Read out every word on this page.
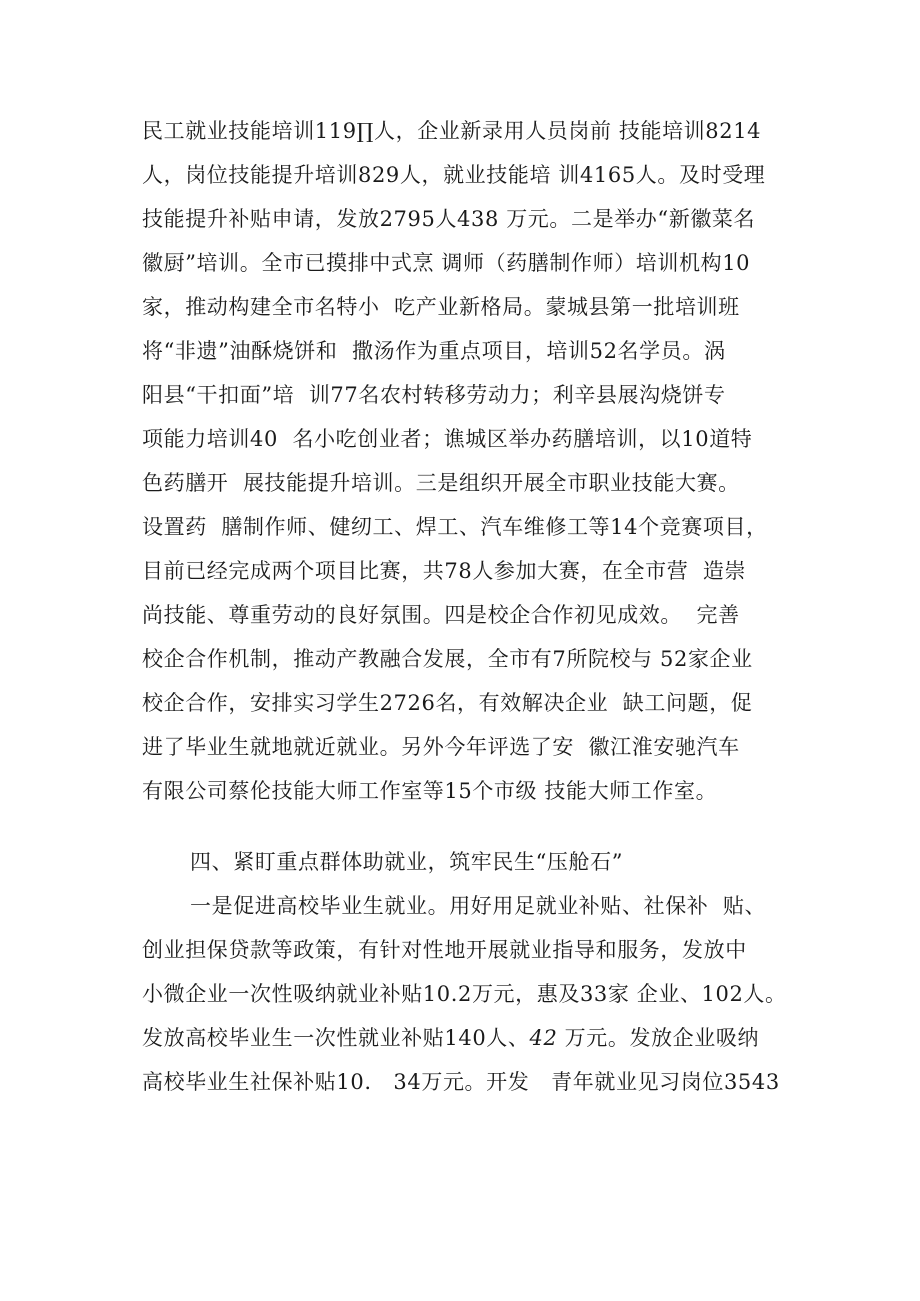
民工就业技能培训119∏人，企业新录用人员岗前 技能培训8214
人，岗位技能提升培训829人，就业技能培 训4165人。及时受理
技能提升补贴申请，发放2795人438 万元。二是举办“新徽菜名
徽厨”培训。全市已摸排中式烹 调师（药膳制作师）培训机构10
家，推动构建全市名特小  吃产业新格局。蒙城县第一批培训班
将“非遗”油酥烧饼和  撒汤作为重点项目，培训52名学员。涡
阳县“干扣面”培  训77名农村转移劳动力；利辛县展沟烧饼专
项能力培训40  名小吃创业者；谯城区举办药膳培训，以10道特
色药膳开  展技能提升培训。三是组织开展全市职业技能大赛。
设置药  膳制作师、健纫工、焊工、汽车维修工等14个竞赛项目，
目前已经完成两个项目比赛，共78人参加大赛，在全市营  造崇
尚技能、尊重劳动的良好氛围。四是校企合作初见成效。  完善
校企合作机制，推动产教融合发展，全市有7所院校与 52家企业
校企合作，安排实习学生2726名，有效解决企业  缺工问题，促
进了毕业生就地就近就业。另外今年评选了安  徽江淮安驰汽车
有限公司蔡伦技能大师工作室等15个市级 技能大师工作室。
四、紧盯重点群体助就业，筑牢民生“压舱石”
一是促进高校毕业生就业。用好用足就业补贴、社保补  贴、
创业担保贷款等政策，有针对性地开展就业指导和服务，发放中
小微企业一次性吸纳就业补贴10.2万元，惠及33家 企业、102人。
发放高校毕业生一次性就业补贴140人、42 万元。发放企业吸纳
高校毕业生社保补贴10.   34万元。开发   青年就业见习岗位3543
